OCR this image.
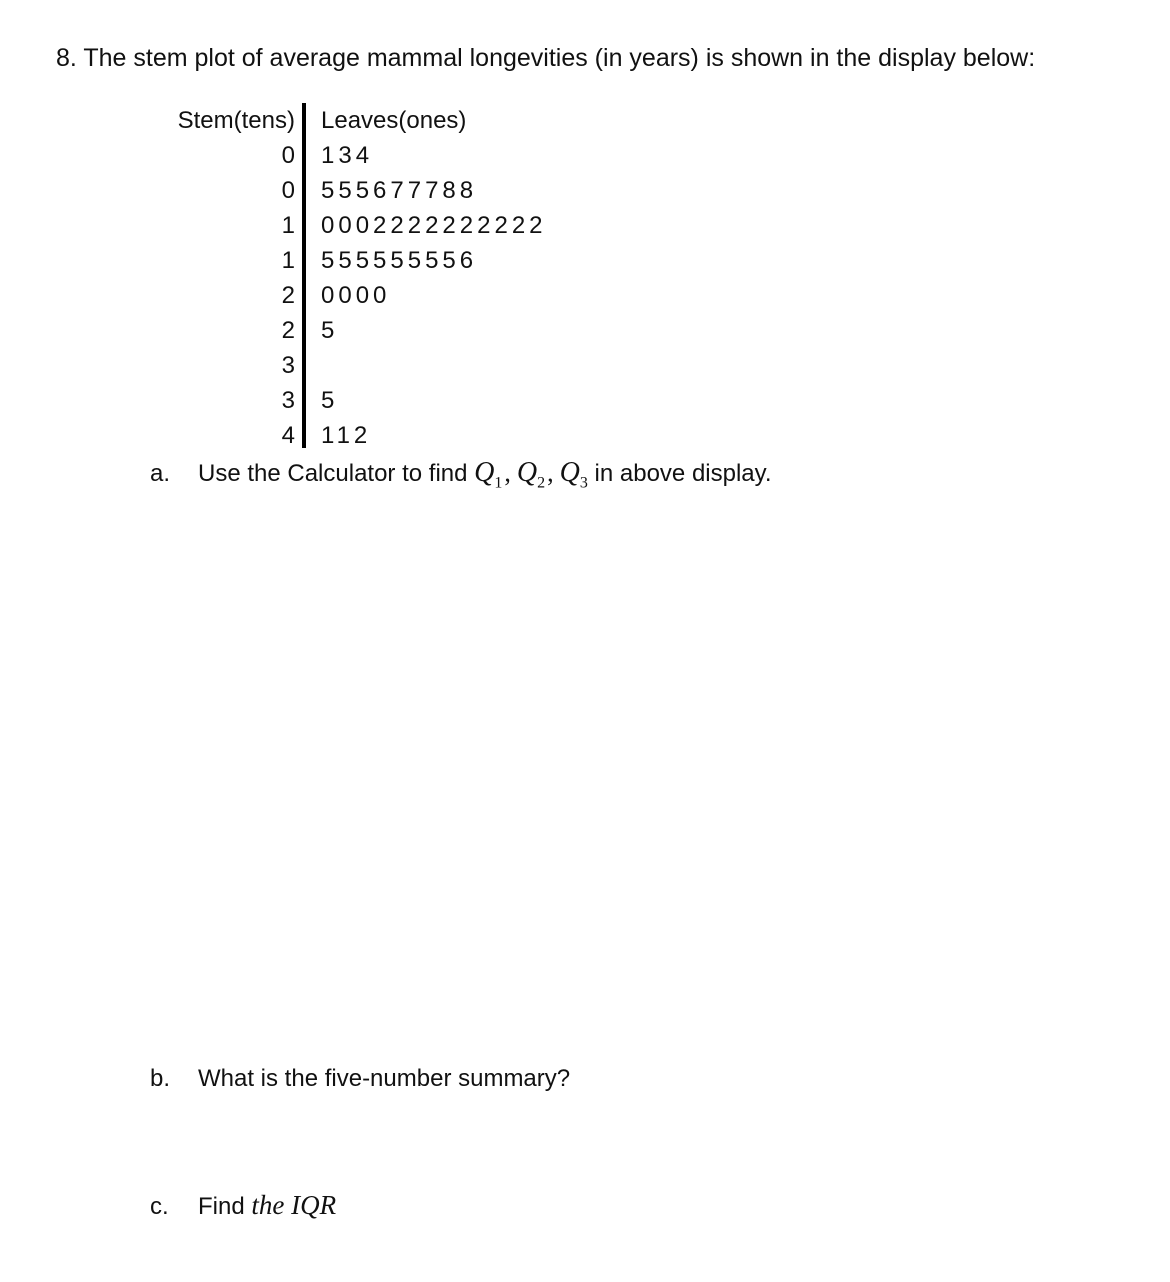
8. The stem plot of average mammal longevities (in years) is shown in the display below:
Stem(tens) Leaves(ones)
0 134
0 555677788
1 0002222222222
1 555555556
2 0000
2 5
3
3 5
4 112
a. Use the Calculator to find $Q_1$, $Q_2$, $Q_3$ in above display.
b. What is the five-number summary?
c. Find the IQR
